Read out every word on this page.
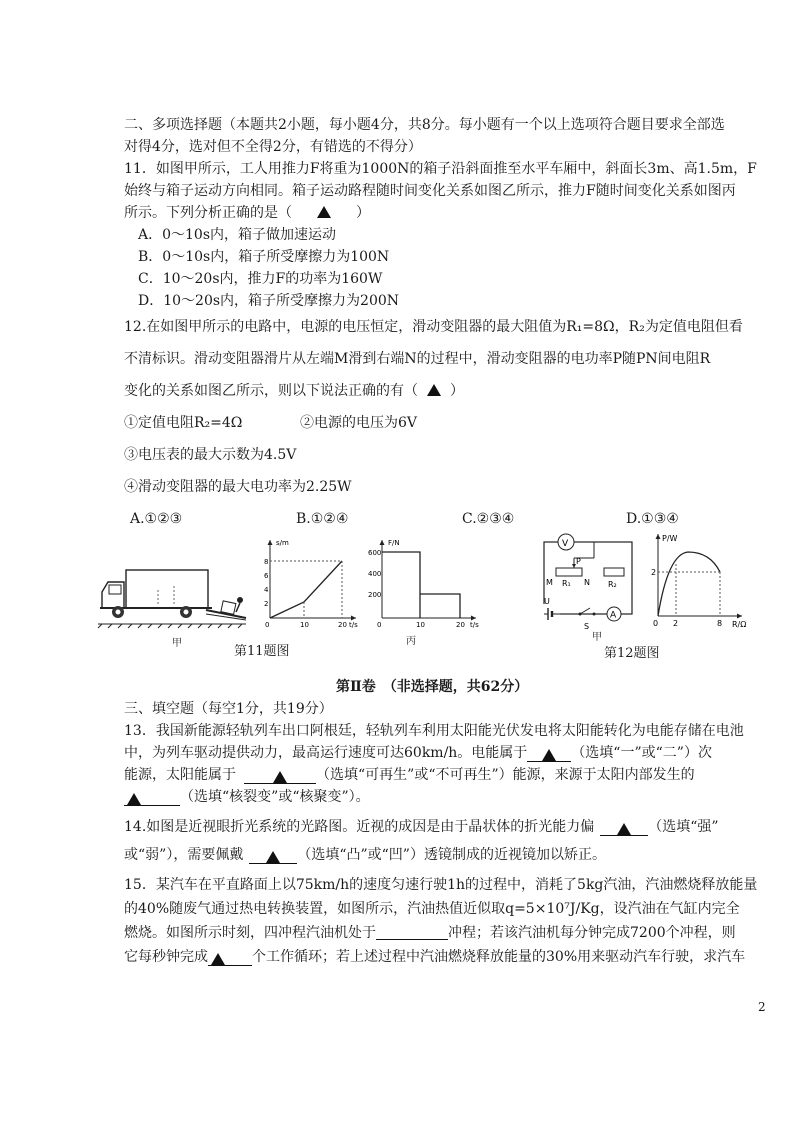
二、多项选择题（本题共2小题，每小题4分，共8分。每小题有一个以上选项符合题目要求全部选
对得4分，选对但不全得2分，有错选的不得分）
11．如图甲所示，工人用推力F将重为1000N的箱子沿斜面推至水平车厢中，斜面长3m、高1.5m，F
始终与箱子运动方向相同。箱子运动路程随时间变化关系如图乙所示，推力F随时间变化关系如图丙
所示。下列分析正确的是（	）
A．0～10s内，箱子做加速运动
B．0～10s内，箱子所受摩擦力为100N
C．10～20s内，推力F的功率为160W
D．10～20s内，箱子所受摩擦力为200N
12.在如图甲所示的电路中，电源的电压恒定，滑动变阻器的最大阻值为R₁=8Ω，R₂为定值电阻但看
不清标识。滑动变阻器滑片从左端M滑到右端N的过程中，滑动变阻器的电功率P随PN间电阻R
变化的关系如图乙所示，则以下说法正确的有（ ）
①定值电阻R₂=4Ω	②电源的电压为6V
③电压表的最大示数为4.5V
④滑动变阻器的最大电功率为2.25W
A.①②③	B.①②④	C.②③④	D.①③④
甲
s/m
8
6
4
2
0	10	20 t/s
F/N
600
400
200
0	10	20 t/s
丙
第11题图
V
P
M R₁ N R₂
U
S
A
甲
P/W
2
0 2	8 R/Ω
第12题图
第Ⅱ卷　（非选择题，共62分）
三、填空题（每空1分，共19分）
13．我国新能源轻轨列车出口阿根廷，轻轨列车利用太阳能光伏发电将太阳能转化为电能存储在电池
中，为列车驱动提供动力，最高运行速度可达60km/h。电能属于	（选填“一”或“二”）次
能源，太阳能属于	（选填“可再生”或“不可再生”）能源，来源于太阳内部发生的
（选填“核裂变”或“核聚变”）。
14.如图是近视眼折光系统的光路图。近视的成因是由于晶状体的折光能力偏	（选填“强”
或“弱”），需要佩戴	（选填“凸”或“凹”）透镜制成的近视镜加以矫正。
15．某汽车在平直路面上以75km/h的速度匀速行驶1h的过程中，消耗了5kg汽油，汽油燃烧释放能量
的40%随废气通过热电转换装置，如图所示，汽油热值近似取q=5×10⁷J/Kg，设汽油在气缸内完全
燃烧。如图所示时刻，四冲程汽油机处于	冲程；若该汽油机每分钟完成7200个冲程，则
它每秒钟完成	个工作循环；若上述过程中汽油燃烧释放能量的30%用来驱动汽车行驶，求汽车
2
